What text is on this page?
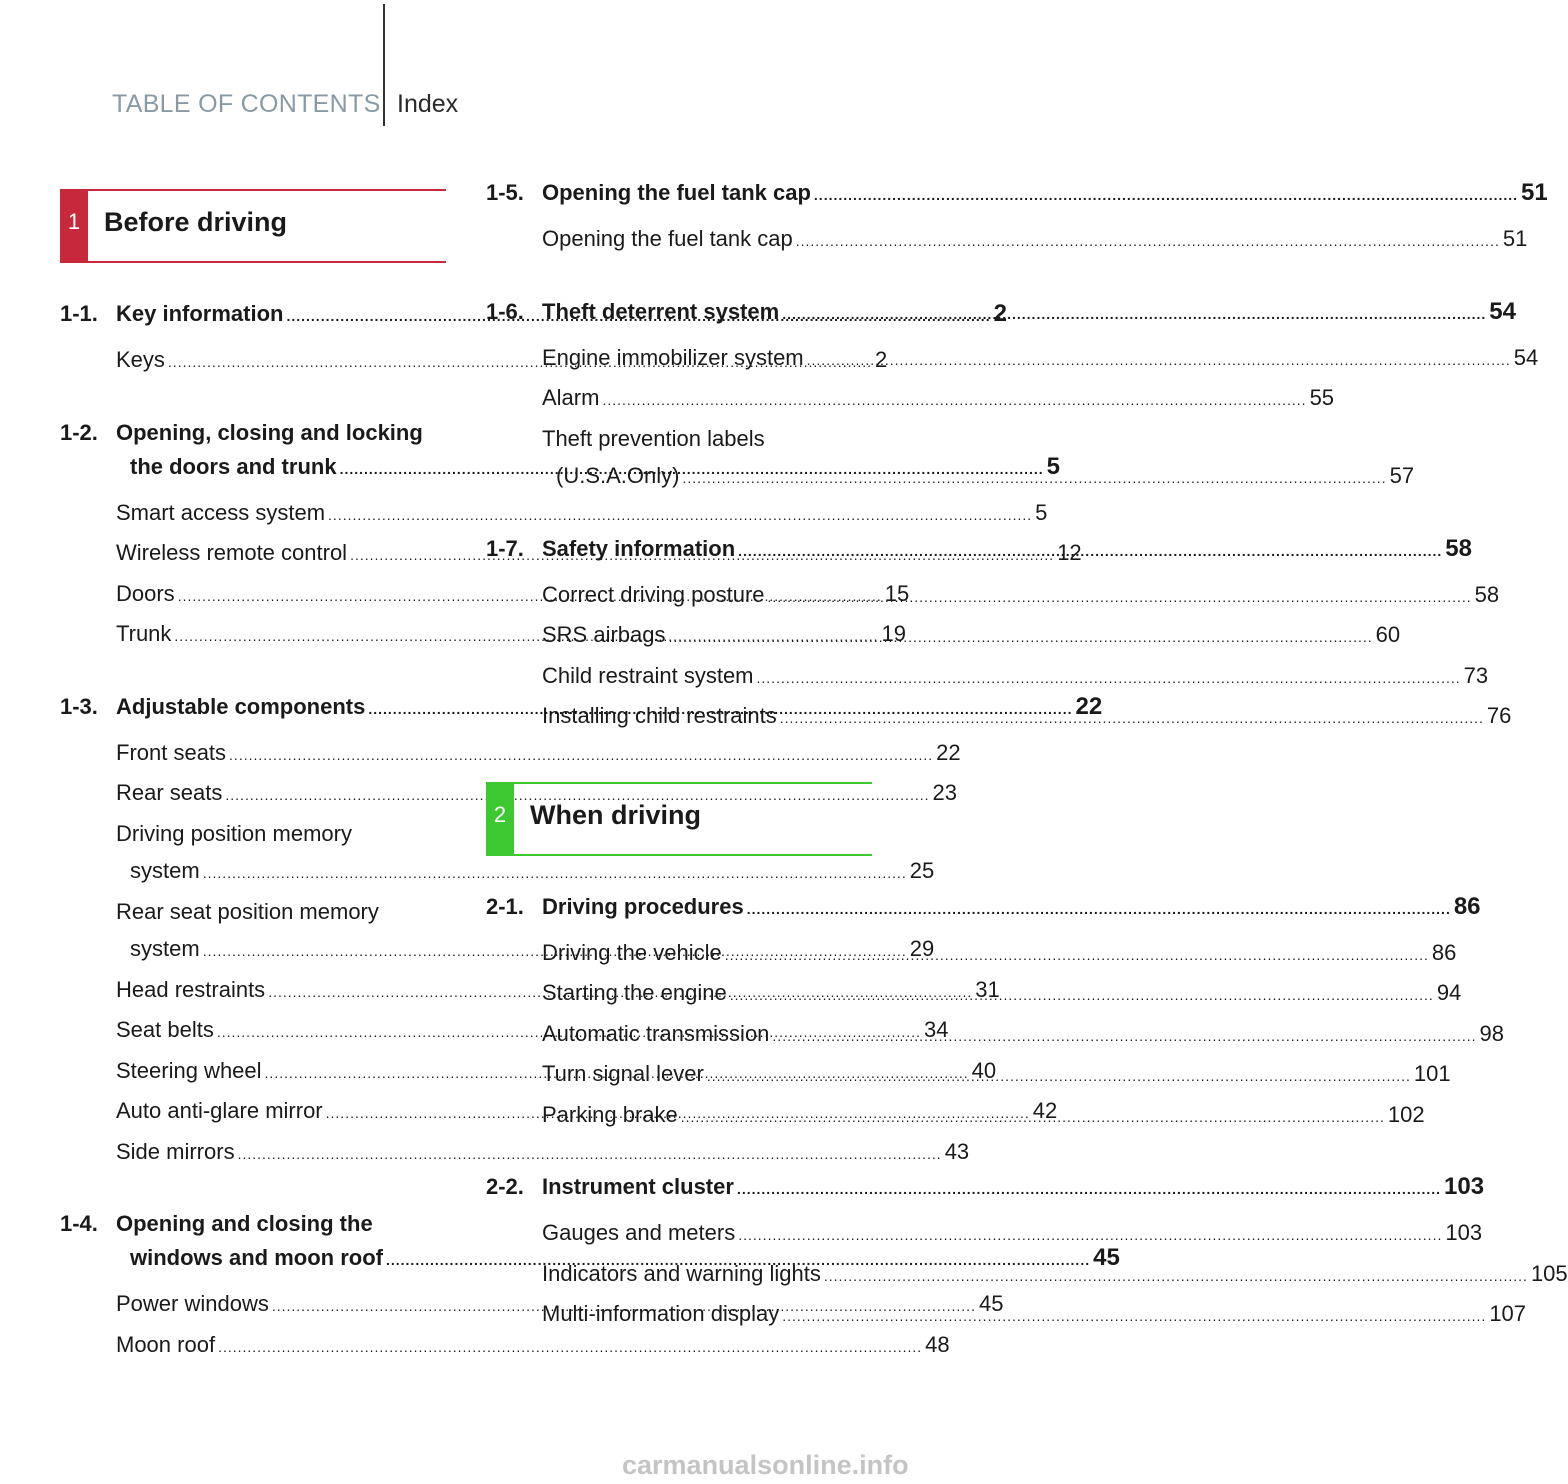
TABLE OF CONTENTS Index
1 Before driving
1-1. Key information .....	2
Keys .....	2
1-2. Opening, closing and locking
the doors and trunk .....	5
Smart access system .....	5
Wireless remote control .....	12
Doors .....	15
Trunk .....	19
1-3. Adjustable components .....	22
Front seats .....	22
Rear seats .....	23
Driving position memory
system .....	25
Rear seat position memory
system .....	29
Head restraints .....	31
Seat belts .....	34
Steering wheel .....	40
Auto anti-glare mirror .....	42
Side mirrors .....	43
1-4. Opening and closing the
windows and moon roof .....	45
Power windows .....	45
Moon roof .....	48
1-5. Opening the fuel tank cap .....	51
Opening the fuel tank cap .....	51
1-6. Theft deterrent system .....	54
Engine immobilizer system .....	54
Alarm .....	55
Theft prevention labels
(U.S.A.Only) .....	57
1-7. Safety information .....	58
Correct driving posture .....	58
SRS airbags .....	60
Child restraint system .....	73
Installing child restraints .....	76
2 When driving
2-1. Driving procedures .....	86
Driving the vehicle .....	86
Starting the engine .....	94
Automatic transmission .....	98
Turn signal lever .....	101
Parking brake .....	102
2-2. Instrument cluster .....	103
Gauges and meters .....	103
Indicators and warning lights .....	105
Multi-information display .....	107
carmanualsonline.info
